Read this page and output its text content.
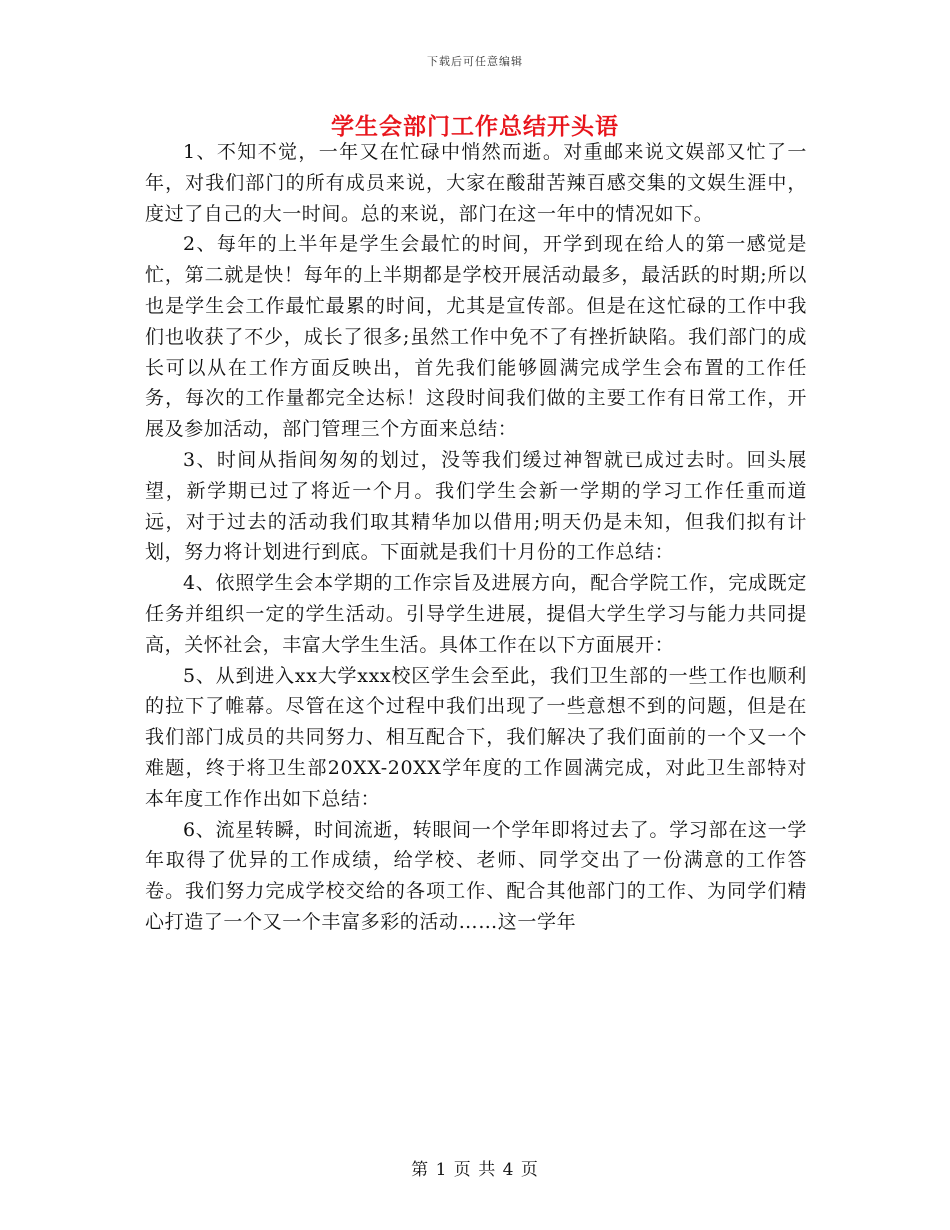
下载后可任意编辑
学生会部门工作总结开头语

1、不知不觉，一年又在忙碌中悄然而逝。对重邮来说文娱部又忙了一年，对我们部门的所有成员来说，大家在酸甜苦辣百感交集的文娱生涯中，度过了自己的大一时间。总的来说，部门在这一年中的情况如下。

2、每年的上半年是学生会最忙的时间，开学到现在给人的第一感觉是忙，第二就是快！每年的上半期都是学校开展活动最多，最活跃的时期;所以也是学生会工作最忙最累的时间，尤其是宣传部。但是在这忙碌的工作中我们也收获了不少，成长了很多;虽然工作中免不了有挫折缺陷。我们部门的成长可以从在工作方面反映出，首先我们能够圆满完成学生会布置的工作任务，每次的工作量都完全达标！这段时间我们做的主要工作有日常工作，开展及参加活动，部门管理三个方面来总结：

3、时间从指间匆匆的划过，没等我们缓过神智就已成过去时。回头展望，新学期已过了将近一个月。我们学生会新一学期的学习工作任重而道远，对于过去的活动我们取其精华加以借用;明天仍是未知，但我们拟有计划，努力将计划进行到底。下面就是我们十月份的工作总结：

4、依照学生会本学期的工作宗旨及进展方向，配合学院工作，完成既定任务并组织一定的学生活动。引导学生进展，提倡大学生学习与能力共同提高，关怀社会，丰富大学生生活。具体工作在以下方面展开：

5、从到进入xx大学xxx校区学生会至此，我们卫生部的一些工作也顺利的拉下了帷幕。尽管在这个过程中我们出现了一些意想不到的问题，但是在我们部门成员的共同努力、相互配合下，我们解决了我们面前的一个又一个难题，终于将卫生部20XX-20XX学年度的工作圆满完成，对此卫生部特对本年度工作作出如下总结：

6、流星转瞬，时间流逝，转眼间一个学年即将过去了。学习部在这一学年取得了优异的工作成绩，给学校、老师、同学交出了一份满意的工作答卷。我们努力完成学校交给的各项工作、配合其他部门的工作、为同学们精心打造了一个又一个丰富多彩的活动……这一学年

第 1 页 共 4 页
